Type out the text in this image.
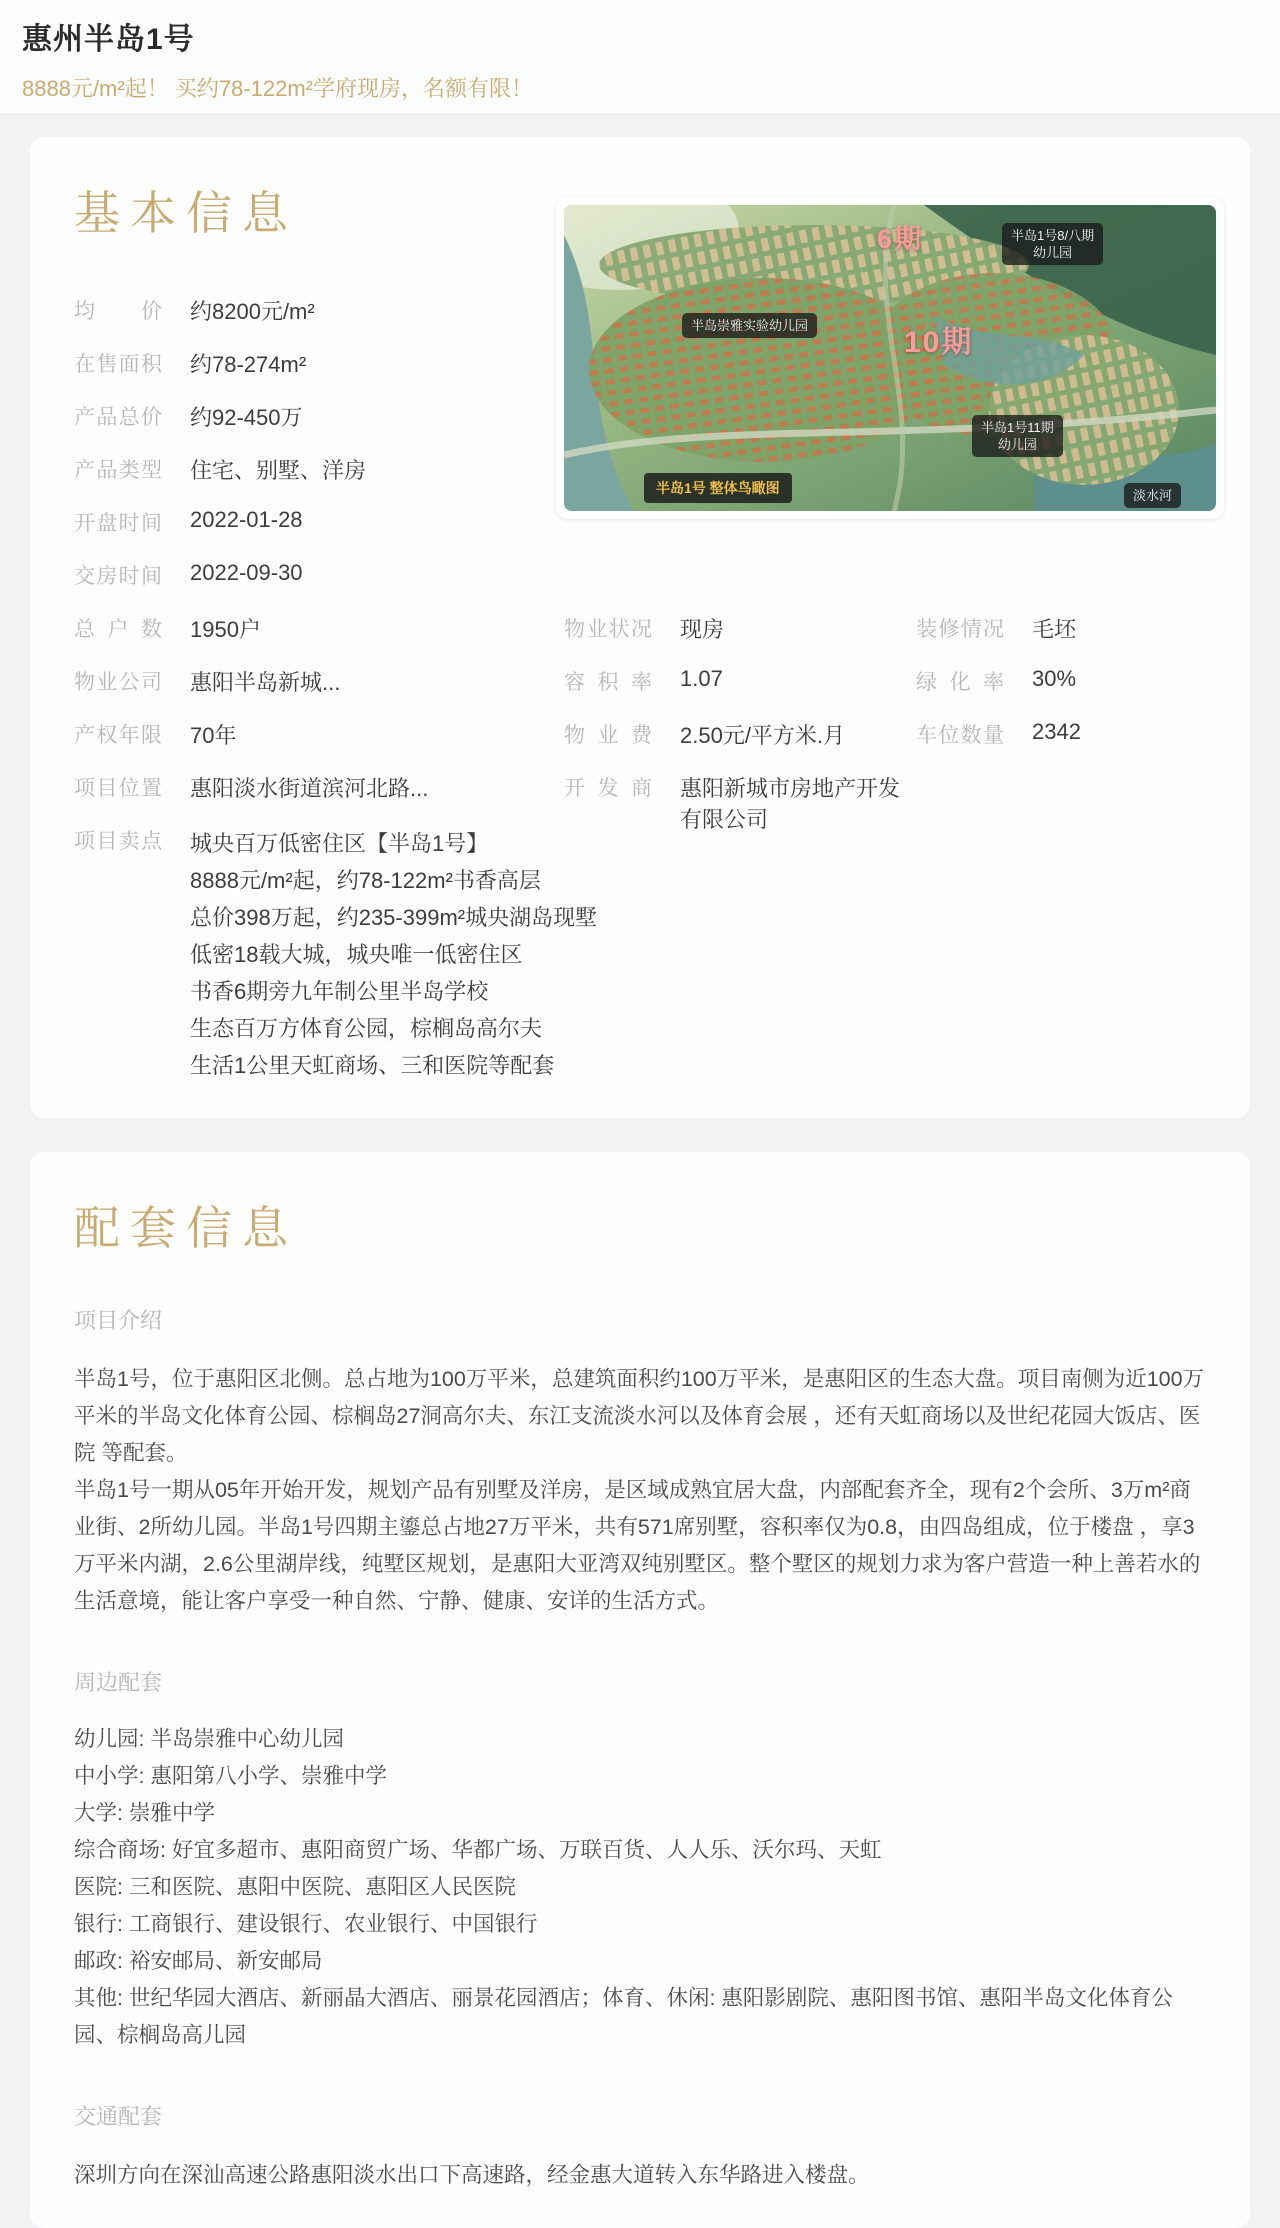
惠州半岛1号
8888元/m²起！ 买约78-122m²学府现房，名额有限！
基本信息	6期
10期
半岛1号8/八期
幼儿园
半岛崇雅实验幼儿园
半岛1号11期
幼儿园
淡水河
半岛1号 整体鸟瞰图
均价 约8200元/m²
在售面积 约78-274m²
产品总价 约92-450万
产品类型 住宅、别墅、洋房
开盘时间 2022-01-28
交房时间 2022-09-30
总户数 1950户	物业状况 现房	装修情况 毛坯
物业公司 惠阳半岛新城...	容积率 1.07	绿化率 30%
产权年限 70年	物业费 2.50元/平方米.月	车位数量 2342
项目位置 惠阳淡水街道滨河北路...	开发商 惠阳新城市房地产开发有限公司
项目卖点 城央百万低密住区【半岛1号】
8888元/m²起，约78-122m²书香高层
总价398万起，约235-399m²城央湖岛现墅
低密18载大城，城央唯一低密住区
书香6期旁九年制公里半岛学校
生态百万方体育公园，棕榈岛高尔夫
生活1公里天虹商场、三和医院等配套
配套信息
项目介绍

半岛1号，位于惠阳区北侧。总占地为100万平米，总建筑面积约100万平米，是惠阳区的生态大盘。项目南侧为近100万平米的半岛文化体育公园、棕榈岛27洞高尔夫、东江支流淡水河以及体育会展 ，还有天虹商场以及世纪花园大饭店、医院 等配套。

半岛1号一期从05年开始开发，规划产品有别墅及洋房，是区域成熟宜居大盘，内部配套齐全，现有2个会所、3万m²商业街、2所幼儿园。半岛1号四期主鎏总占地27万平米，共有571席别墅，容积率仅为0.8，由四岛组成，位于楼盘 ，享3万平米内湖，2.6公里湖岸线，纯墅区规划，是惠阳大亚湾双纯别墅区。整个墅区的规划力求为客户营造一种上善若水的生活意境，能让客户享受一种自然、宁静、健康、安详的生活方式。

周边配套
幼儿园: 半岛崇雅中心幼儿园
中小学: 惠阳第八小学、崇雅中学
大学: 崇雅中学
综合商场: 好宜多超市、惠阳商贸广场、华都广场、万联百货、人人乐、沃尔玛、天虹
医院: 三和医院、惠阳中医院、惠阳区人民医院
银行: 工商银行、建设银行、农业银行、中国银行
邮政: 裕安邮局、新安邮局
其他: 世纪华园大酒店、新丽晶大酒店、丽景花园酒店；体育、休闲: 惠阳影剧院、惠阳图书馆、惠阳半岛文化体育公园、棕榈岛高儿园
交通配套
深圳方向在深汕高速公路惠阳淡水出口下高速路，经金惠大道转入东华路进入楼盘。
